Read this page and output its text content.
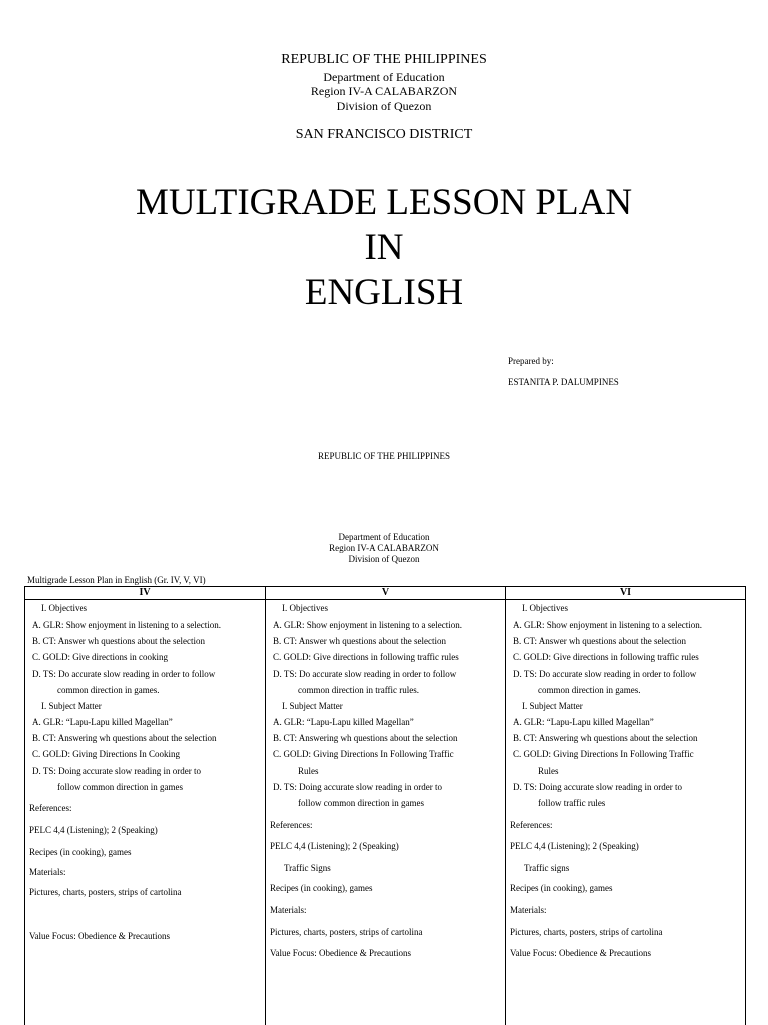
REPUBLIC OF THE PHILIPPINES
Department of Education
Region IV-A CALABARZON
Division of Quezon
SAN FRANCISCO DISTRICT
MULTIGRADE LESSON PLAN
IN
ENGLISH
Prepared by:
ESTANITA P. DALUMPINES
REPUBLIC OF THE PHILIPPINES
Department of Education
Region IV-A CALABARZON
Division of Quezon
Multigrade Lesson Plan in English (Gr. IV, V, VI)
IV
I. Objectives
A. GLR: Show enjoyment in listening to a selection.
B. CT: Answer wh questions about the selection
C. GOLD: Give directions in cooking
D. TS: Do accurate slow reading in order to follow
common direction in games.
I. Subject Matter
A. GLR: “Lapu-Lapu killed Magellan”
B. CT: Answering wh questions about the selection
C. GOLD: Giving Directions In Cooking
D. TS: Doing accurate slow reading in order to
follow common direction in games
References:
PELC 4,4 (Listening); 2 (Speaking)
Recipes (in cooking), games
Materials:
Pictures, charts, posters, strips of cartolina
Value Focus: Obedience & Precautions
V
I. Objectives
A. GLR: Show enjoyment in listening to a selection.
B. CT: Answer wh questions about the selection
C. GOLD: Give directions in following traffic rules
D. TS: Do accurate slow reading in order to follow
common direction in traffic rules.
I. Subject Matter
A. GLR: “Lapu-Lapu killed Magellan”
B. CT: Answering wh questions about the selection
C. GOLD: Giving Directions In Following Traffic
Rules
D. TS: Doing accurate slow reading in order to
follow common direction in games
References:
PELC 4,4 (Listening); 2 (Speaking)
Traffic Signs
Recipes (in cooking), games
Materials:
Pictures, charts, posters, strips of cartolina
Value Focus: Obedience & Precautions
VI
I. Objectives
A. GLR: Show enjoyment in listening to a selection.
B. CT: Answer wh questions about the selection
C. GOLD: Give directions in following traffic rules
D. TS: Do accurate slow reading in order to follow
common direction in games.
I. Subject Matter
A. GLR: “Lapu-Lapu killed Magellan”
B. CT: Answering wh questions about the selection
C. GOLD: Giving Directions In Following Traffic
Rules
D. TS: Doing accurate slow reading in order to
follow traffic rules
References:
PELC 4,4 (Listening); 2 (Speaking)
Traffic signs
Recipes (in cooking), games
Materials:
Pictures, charts, posters, strips of cartolina
Value Focus: Obedience & Precautions
